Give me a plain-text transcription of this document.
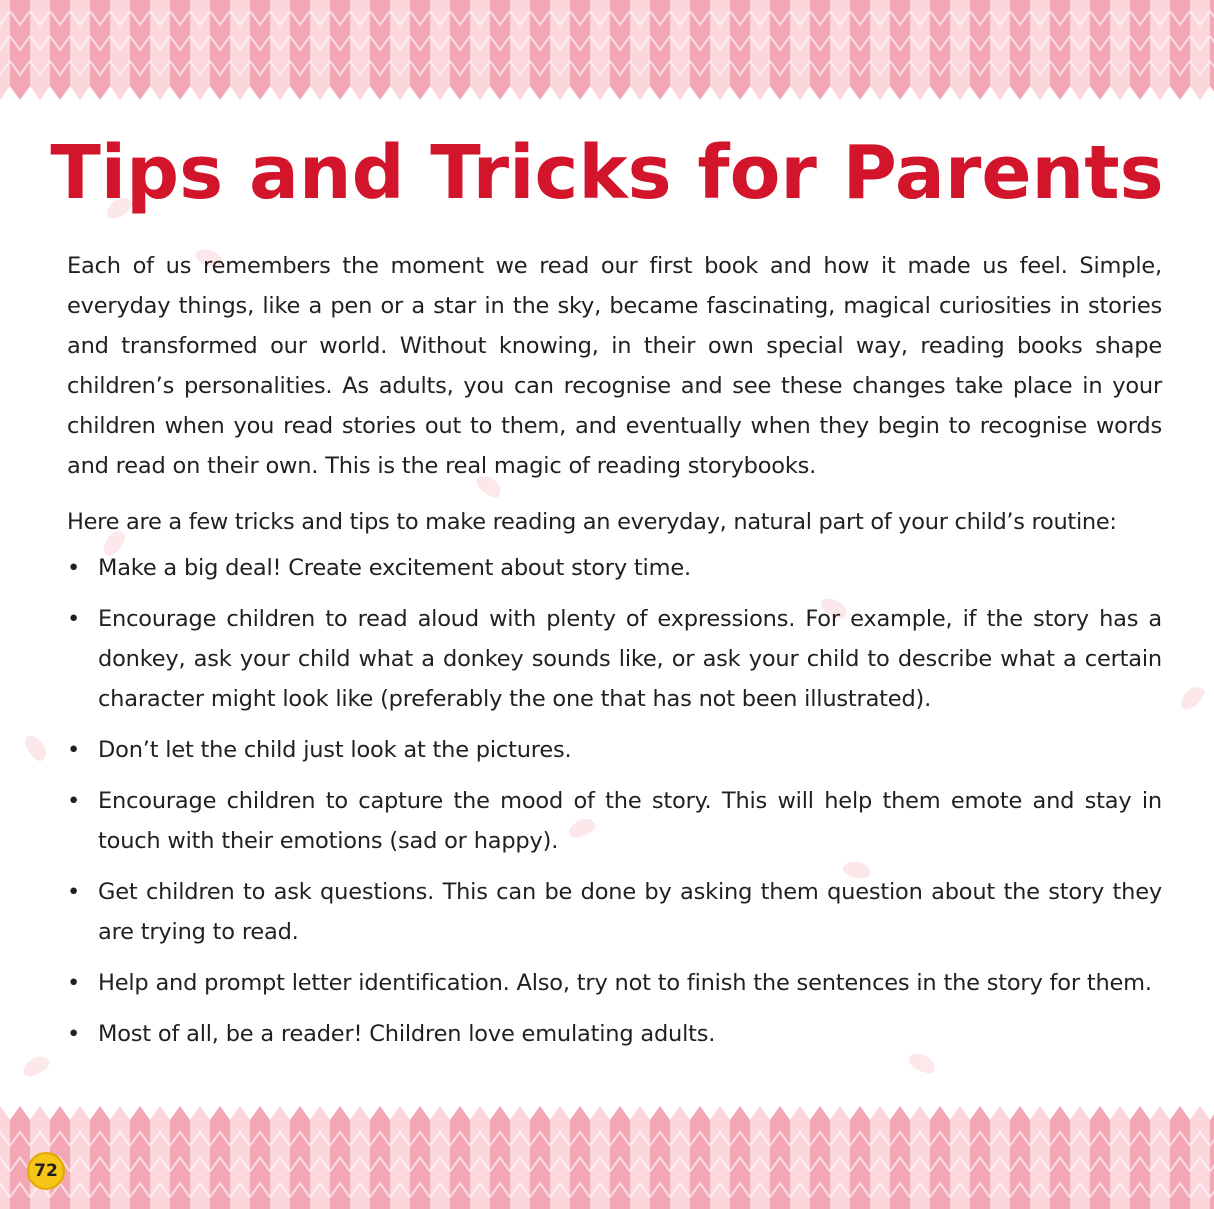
Tips and Tricks for Parents

Each of us remembers the moment we read our first book and how it made us feel. Simple, everyday things, like a pen or a star in the sky, became fascinating, magical curiosities in stories and transformed our world. Without knowing, in their own special way, reading books shape children’s personalities. As adults, you can recognise and see these changes take place in your children when you read stories out to them, and eventually when they begin to recognise words and read on their own. This is the real magic of reading storybooks.

Here are a few tricks and tips to make reading an everyday, natural part of your child’s routine:

• Make a big deal! Create excitement about story time.
• Encourage children to read aloud with plenty of expressions. For example, if the story has a donkey, ask your child what a donkey sounds like, or ask your child to describe what a certain character might look like (preferably the one that has not been illustrated).
• Don’t let the child just look at the pictures.
• Encourage children to capture the mood of the story. This will help them emote and stay in touch with their emotions (sad or happy).
• Get children to ask questions. This can be done by asking them question about the story they are trying to read.
• Help and prompt letter identification. Also, try not to finish the sentences in the story for them.
• Most of all, be a reader! Children love emulating adults.
72
